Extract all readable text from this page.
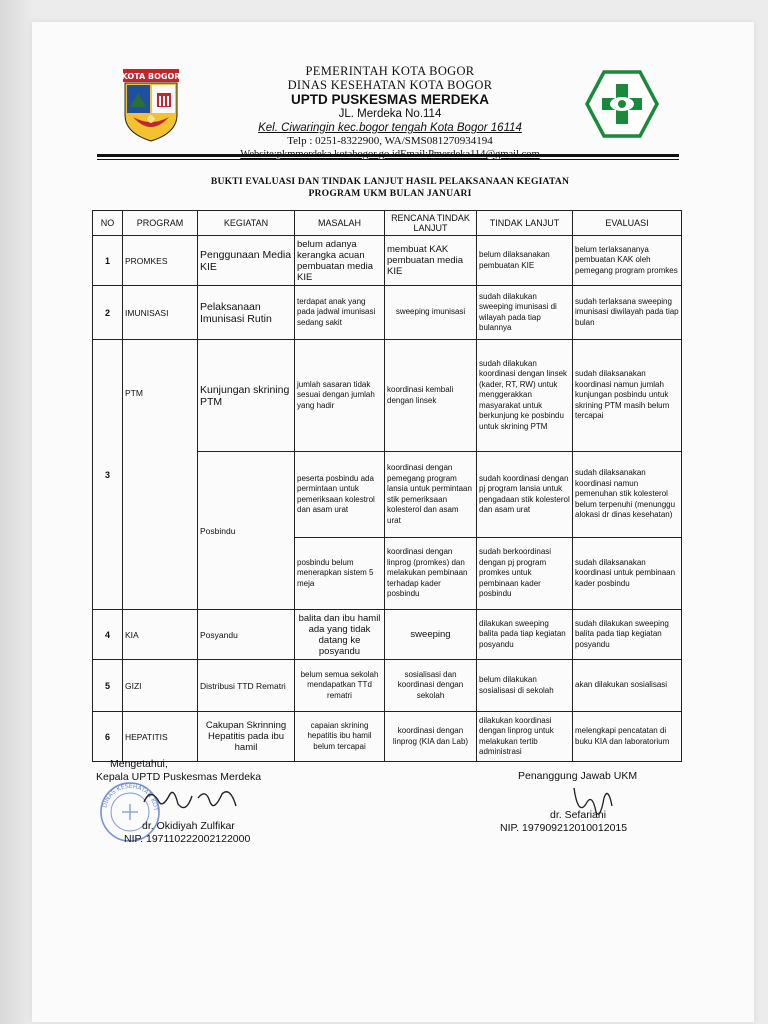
KOTA BOGOR	PEMERINTAH KOTA BOGOR
DINAS KESEHATAN KOTA BOGOR
UPTD PUSKESMAS MERDEKA
JL. Merdeka No.114
Kel. Ciwaringin kec.bogor tengah Kota Bogor 16114
Telp : 0251-8322900, WA/SMS081270934194
BUKTI EVALUASI DAN TINDAK LANJUT HASIL PELAKSANAAN KEGIATAN
PROGRAM UKM BULAN JANUARI
NO	PROGRAM	KEGIATAN	MASALAH	RENCANA TINDAK LANJUT	TINDAK LANJUT	EVALUASI
1	PROMKES	Penggunaan Media KIE	belum adanya kerangka acuan pembuatan media KIE	membuat KAK pembuatan media KIE	belum dilaksanakan pembuatan KIE	belum terlaksananya pembuatan KAK oleh pemegang program promkes
2	IMUNISASI	Pelaksanaan Imunisasi Rutin	terdapat anak yang pada jadwal imunisasi sedang sakit	sweeping imunisasi	sudah dilakukan sweeping imunisasi di wilayah pada tiap bulannya	sudah terlaksana sweeping imunisasi diwilayah pada tiap bulan
3	PTM	Kunjungan skrining PTM	jumlah sasaran tidak sesuai dengan jumlah yang hadir	koordinasi kembali dengan linsek	sudah dilakukan koordinasi dengan linsek (kader, RT, RW) untuk menggerakkan masyarakat untuk berkunjung ke posbindu untuk skrining PTM	sudah dilaksanakan koordinasi namun jumlah kunjungan posbindu untuk skrining PTM masih belum tercapai
		Posbindu	peserta posbindu ada permintaan untuk pemeriksaan kolestrol dan asam urat	koordinasi dengan pemegang program lansia untuk permintaan stik pemeriksaan kolesterol dan asam urat	sudah koordinasi dengan pj program lansia untuk pengadaan stik kolesterol dan asam urat	sudah dilaksanakan koordinasi namun pemenuhan stik kolesterol belum terpenuhi (menunggu alokasi dr dinas kesehatan)
			posbindu belum menerapkan sistem 5 meja	koordinasi dengan linprog (promkes) dan melakukan pembinaan terhadap kader posbindu	sudah berkoordinasi dengan pj program promkes untuk pembinaan kader posbindu	sudah dilaksanakan koordinasi untuk pembinaan kader posbindu
4	KIA	Posyandu	balita dan ibu hamil ada yang tidak datang ke posyandu	sweeping	dilakukan sweeping balita pada tiap kegiatan posyandu	sudah dilakukan sweeping balita pada tiap kegiatan posyandu
5	GIZI	Distribusi TTD Rematri	belum semua sekolah mendapatkan TTd rematri	sosialisasi dan koordinasi dengan sekolah	belum dilakukan sosialisasi di sekolah	akan dilakukan sosialisasi
6	HEPATITIS	Cakupan Skrinning Hepatitis pada ibu hamil	capaian skrining hepatitis ibu hamil belum tercapai	koordinasi dengan linprog (KIA dan Lab)	dilakukan koordinasi dengan linprog untuk melakukan tertib administrasi	melengkapi pencatatan di buku KIA dan laboratorium
DINAS KESEHATAN KOT
Mengetahui,
Kepala UPTD Puskesmas Merdeka
dr. Okidiyah Zulfikar
NIP. 197110222002122000
Penanggung Jawab UKM
dr. Sefariani
NIP. 197909212010012015
